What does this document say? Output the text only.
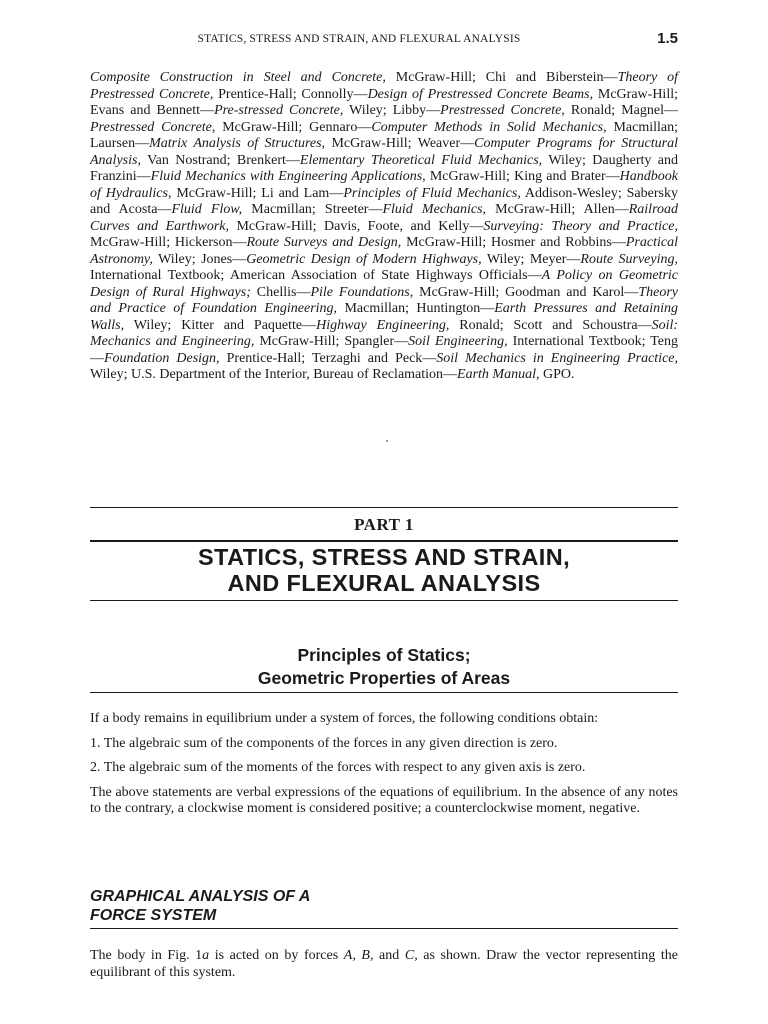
STATICS, STRESS AND STRAIN, AND FLEXURAL ANALYSIS	1.5
Composite Construction in Steel and Concrete, McGraw-Hill; Chi and Biberstein—Theory of Prestressed Concrete, Prentice-Hall; Connolly—Design of Prestressed Concrete Beams, McGraw-Hill; Evans and Bennett—Pre-stressed Concrete, Wiley; Libby—Prestressed Concrete, Ronald; Magnel—Prestressed Concrete, McGraw-Hill; Gennaro—Computer Methods in Solid Mechanics, Macmillan; Laursen—Matrix Analysis of Structures, McGraw-Hill; Weaver—Computer Programs for Structural Analysis, Van Nostrand; Brenkert—Elementary Theoretical Fluid Mechanics, Wiley; Daugherty and Franzini—Fluid Mechanics with Engineering Applications, McGraw-Hill; King and Brater—Handbook of Hydraulics, McGraw-Hill; Li and Lam—Principles of Fluid Mechanics, Addison-Wesley; Sabersky and Acosta—Fluid Flow, Macmillan; Streeter—Fluid Mechanics, McGraw-Hill; Allen—Railroad Curves and Earthwork, McGraw-Hill; Davis, Foote, and Kelly—Surveying: Theory and Practice, McGraw-Hill; Hickerson—Route Surveys and Design, McGraw-Hill; Hosmer and Robbins—Practical Astronomy, Wiley; Jones—Geometric Design of Modern Highways, Wiley; Meyer—Route Surveying, International Textbook; American Association of State Highways Officials—A Policy on Geometric Design of Rural Highways; Chellis—Pile Foundations, McGraw-Hill; Goodman and Karol—Theory and Practice of Foundation Engineering, Macmillan; Huntington—Earth Pressures and Retaining Walls, Wiley; Kitter and Paquette—Highway Engineering, Ronald; Scott and Schoustra—Soil: Mechanics and Engineering, McGraw-Hill; Spangler—Soil Engineering, International Textbook; Teng—Foundation Design, Prentice-Hall; Terzaghi and Peck—Soil Mechanics in Engineering Practice, Wiley; U.S. Department of the Interior, Bureau of Reclamation—Earth Manual, GPO.
PART 1
STATICS, STRESS AND STRAIN,
AND FLEXURAL ANALYSIS
Principles of Statics;
Geometric Properties of Areas

If a body remains in equilibrium under a system of forces, the following conditions obtain:

1. The algebraic sum of the components of the forces in any given direction is zero.

2. The algebraic sum of the moments of the forces with respect to any given axis is zero.

The above statements are verbal expressions of the equations of equilibrium. In the absence of any notes to the contrary, a clockwise moment is considered positive; a counterclockwise moment, negative.

GRAPHICAL ANALYSIS OF A
FORCE SYSTEM
The body in Fig. 1a is acted on by forces A, B, and C, as shown. Draw the vector representing the equilibrant of this system.
